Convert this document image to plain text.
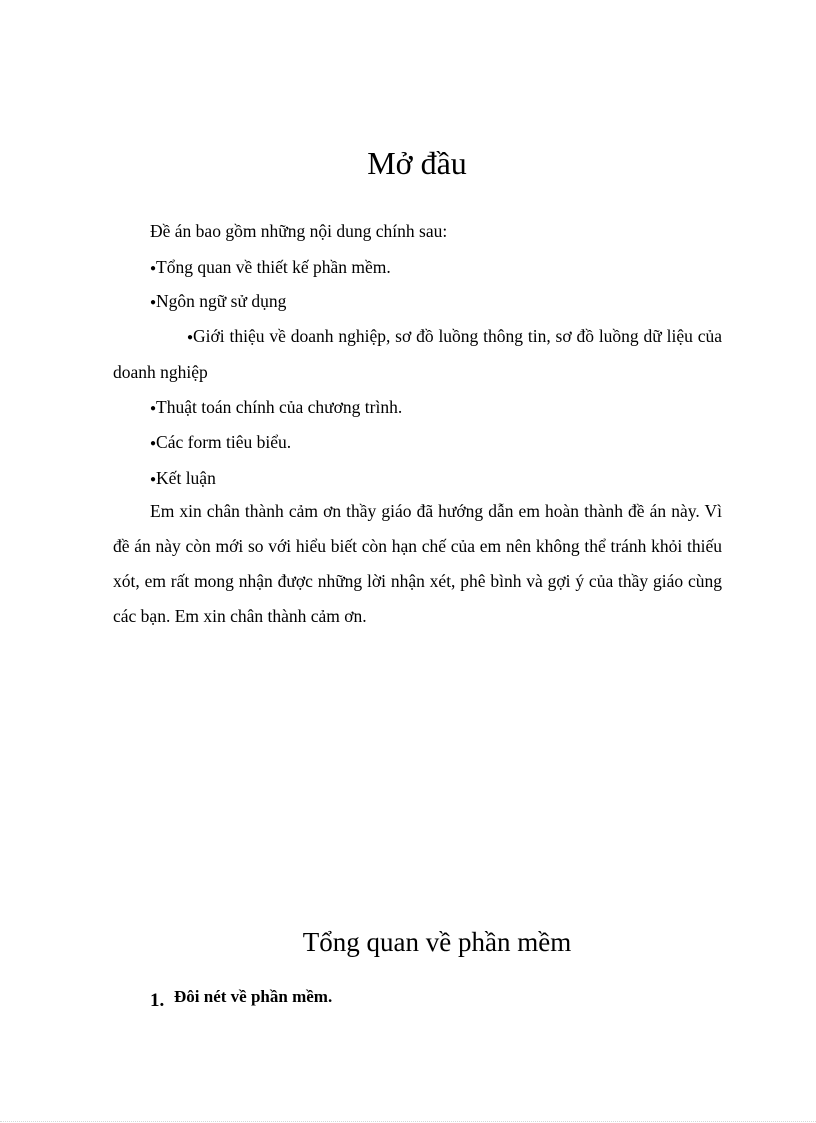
Mở đầu

Đề án bao gồm những nội dung chính sau:

●Tổng quan về thiết kế phần mềm.

●Ngôn ngữ sử dụng

●Giới thiệu về doanh nghiệp, sơ đồ luồng thông tin, sơ đồ luồng dữ liệu của doanh nghiệp

●Thuật toán chính của chương trình.

●Các form tiêu biểu.

●Kết luận

Em xin chân thành cảm ơn thầy giáo đã hướng dẫn em hoàn thành đề án này. Vì đề án này còn mới so với hiểu biết còn hạn chế của em nên không thể tránh khỏi thiếu xót, em rất mong nhận được những lời nhận xét, phê bình và gợi ý của thầy giáo cùng các bạn. Em xin chân thành cảm ơn.

Tổng quan về phần mềm
1. Đôi nét về phần mềm.
